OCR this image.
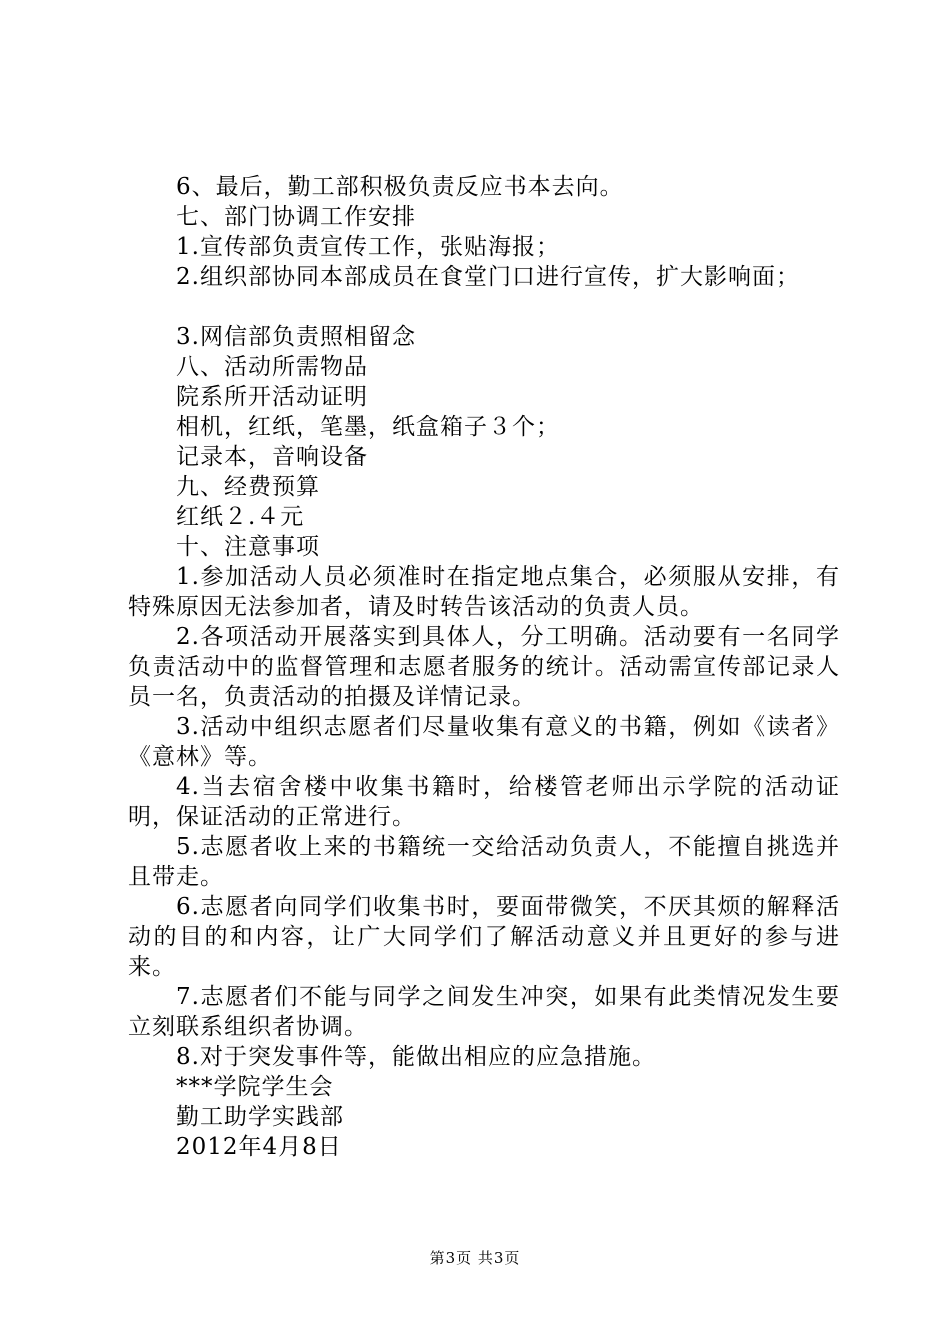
6、最后，勤工部积极负责反应书本去向。

七、部门协调工作安排

1.宣传部负责宣传工作，张贴海报；

2.组织部协同本部成员在食堂门口进行宣传，扩大影响面；

3.网信部负责照相留念

八、活动所需物品

院系所开活动证明

相机，红纸，笔墨，纸盒箱子３个；

记录本，音响设备

九、经费预算

红纸２.４元

十、注意事项

1.参加活动人员必须准时在指定地点集合，必须服从安排，有特殊原因无法参加者，请及时转告该活动的负责人员。

2.各项活动开展落实到具体人，分工明确。活动要有一名同学负责活动中的监督管理和志愿者服务的统计。活动需宣传部记录人员一名，负责活动的拍摄及详情记录。

3.活动中组织志愿者们尽量收集有意义的书籍，例如《读者》《意林》等。

4.当去宿舍楼中收集书籍时，给楼管老师出示学院的活动证明，保证活动的正常进行。

5.志愿者收上来的书籍统一交给活动负责人，不能擅自挑选并且带走。

6.志愿者向同学们收集书时，要面带微笑，不厌其烦的解释活动的目的和内容，让广大同学们了解活动意义并且更好的参与进来。

7.志愿者们不能与同学之间发生冲突，如果有此类情况发生要立刻联系组织者协调。

8.对于突发事件等，能做出相应的应急措施。

***学院学生会

勤工助学实践部

2012年4月8日

第3页 共3页
